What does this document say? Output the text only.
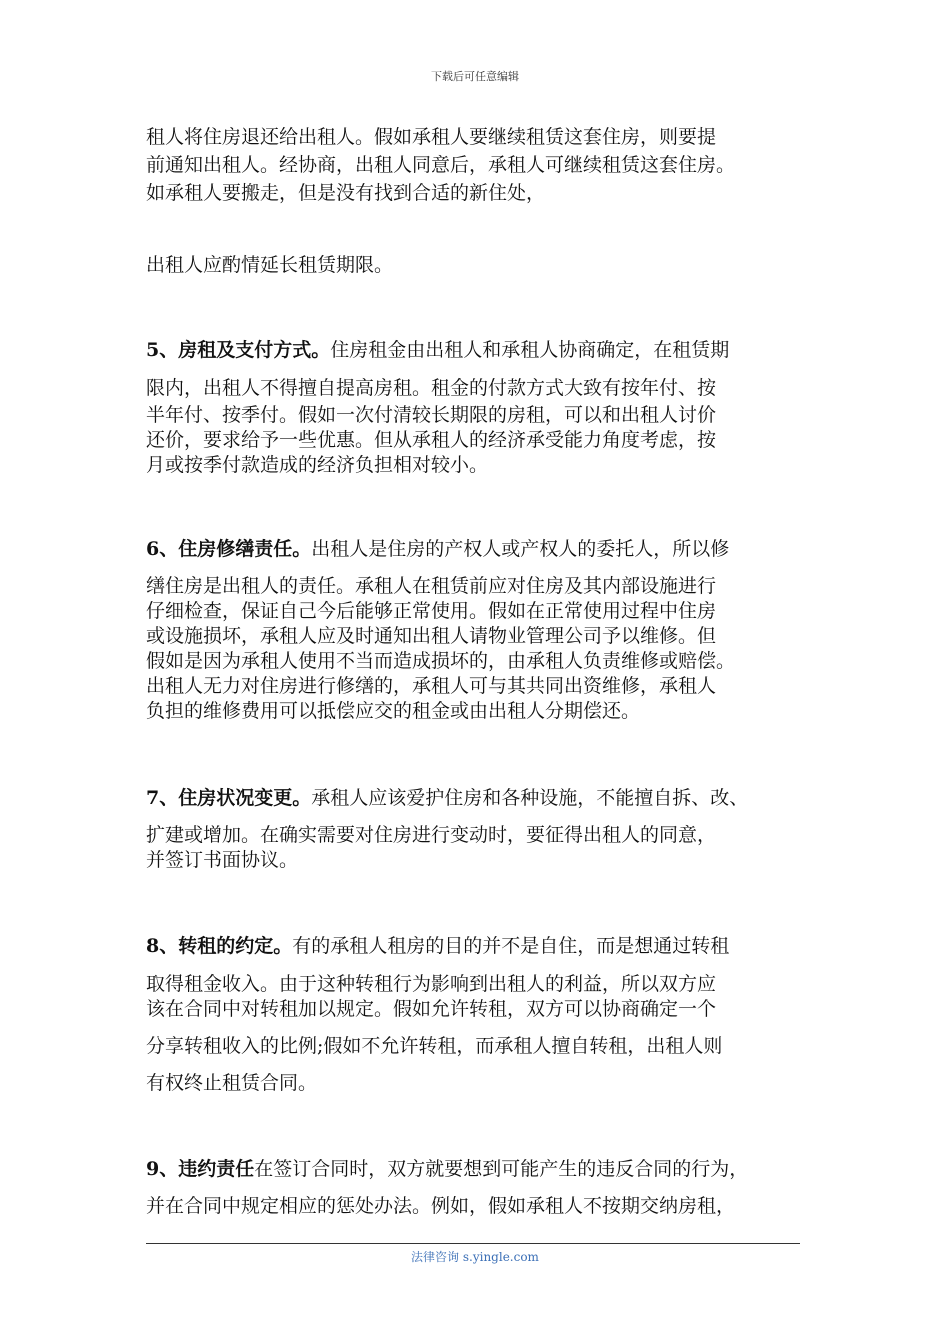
下载后可任意编辑
租人将住房退还给出租人。假如承租人要继续租赁这套住房，则要提
前通知出租人。经协商，出租人同意后，承租人可继续租赁这套住房。
如承租人要搬走，但是没有找到合适的新住处，
出租人应酌情延长租赁期限。
5、房租及支付方式。住房租金由出租人和承租人协商确定，在租赁期
限内，出租人不得擅自提高房租。租金的付款方式大致有按年付、按
半年付、按季付。假如一次付清较长期限的房租，可以和出租人讨价
还价，要求给予一些优惠。但从承租人的经济承受能力角度考虑，按
月或按季付款造成的经济负担相对较小。
6、住房修缮责任。出租人是住房的产权人或产权人的委托人，所以修
缮住房是出租人的责任。承租人在租赁前应对住房及其内部设施进行
仔细检查，保证自己今后能够正常使用。假如在正常使用过程中住房
或设施损坏，承租人应及时通知出租人请物业管理公司予以维修。但
假如是因为承租人使用不当而造成损坏的，由承租人负责维修或赔偿。
出租人无力对住房进行修缮的，承租人可与其共同出资维修，承租人
负担的维修费用可以抵偿应交的租金或由出租人分期偿还。
7、住房状况变更。承租人应该爱护住房和各种设施，不能擅自拆、改、
扩建或增加。在确实需要对住房进行变动时，要征得出租人的同意，
并签订书面协议。
8、转租的约定。有的承租人租房的目的并不是自住，而是想通过转租
取得租金收入。由于这种转租行为影响到出租人的利益，所以双方应
该在合同中对转租加以规定。假如允许转租，双方可以协商确定一个
分享转租收入的比例;假如不允许转租，而承租人擅自转租，出租人则
有权终止租赁合同。
9、违约责任在签订合同时，双方就要想到可能产生的违反合同的行为，
并在合同中规定相应的惩处办法。例如，假如承租人不按期交纳房租，
法律咨询 s.yingle.com
